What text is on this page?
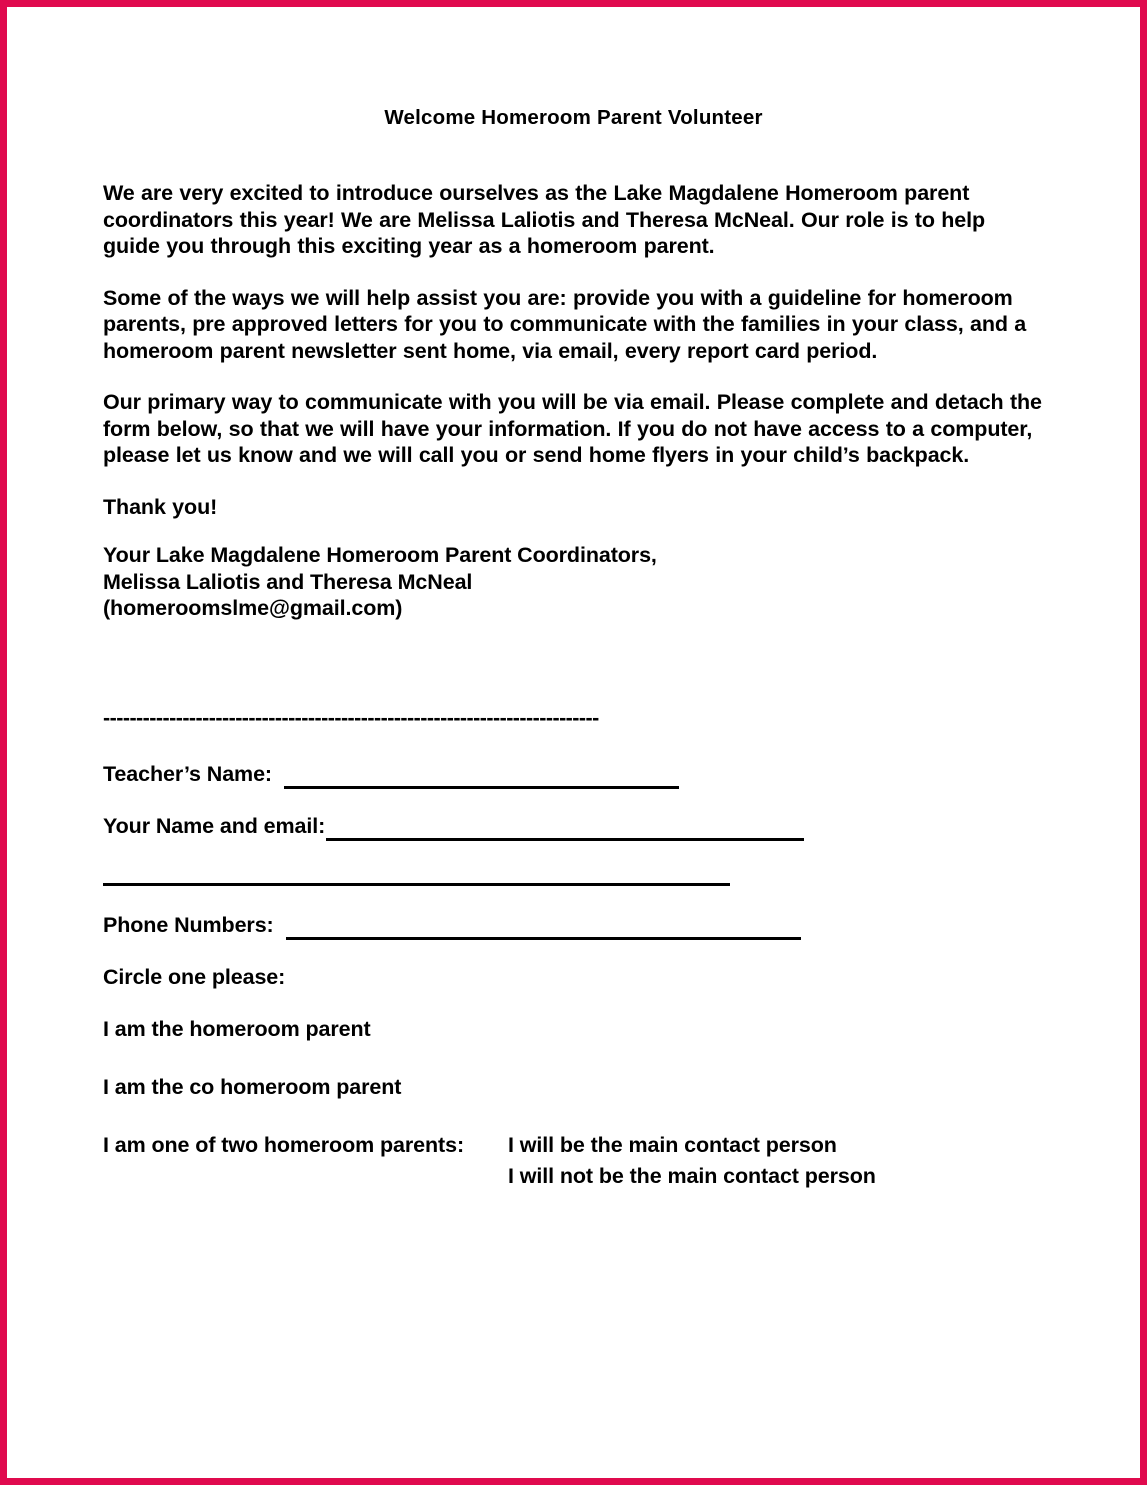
Welcome Homeroom Parent Volunteer

We are very excited to introduce ourselves as the Lake Magdalene Homeroom parent coordinators this year! We are Melissa Laliotis and Theresa McNeal. Our role is to help guide you through this exciting year as a homeroom parent.

Some of the ways we will help assist you are: provide you with a guideline for homeroom parents, pre approved letters for you to communicate with the families in your class, and a homeroom parent newsletter sent home, via email, every report card period.

Our primary way to communicate with you will be via email. Please complete and detach the form below, so that we will have your information. If you do not have access to a computer, please let us know and we will call you or send home flyers in your child’s backpack.

Thank you!

Your Lake Magdalene Homeroom Parent Coordinators,
Melissa Laliotis and Theresa McNeal
(homeroomslme@gmail.com)
---------------------------------------------------------------------------
Teacher’s Name:
Your Name and email:
Phone Numbers:
Circle one please:
I am the homeroom parent
I am the co homeroom parent
I am one of two homeroom parents:	I will be the main contact person
I will not be the main contact person
